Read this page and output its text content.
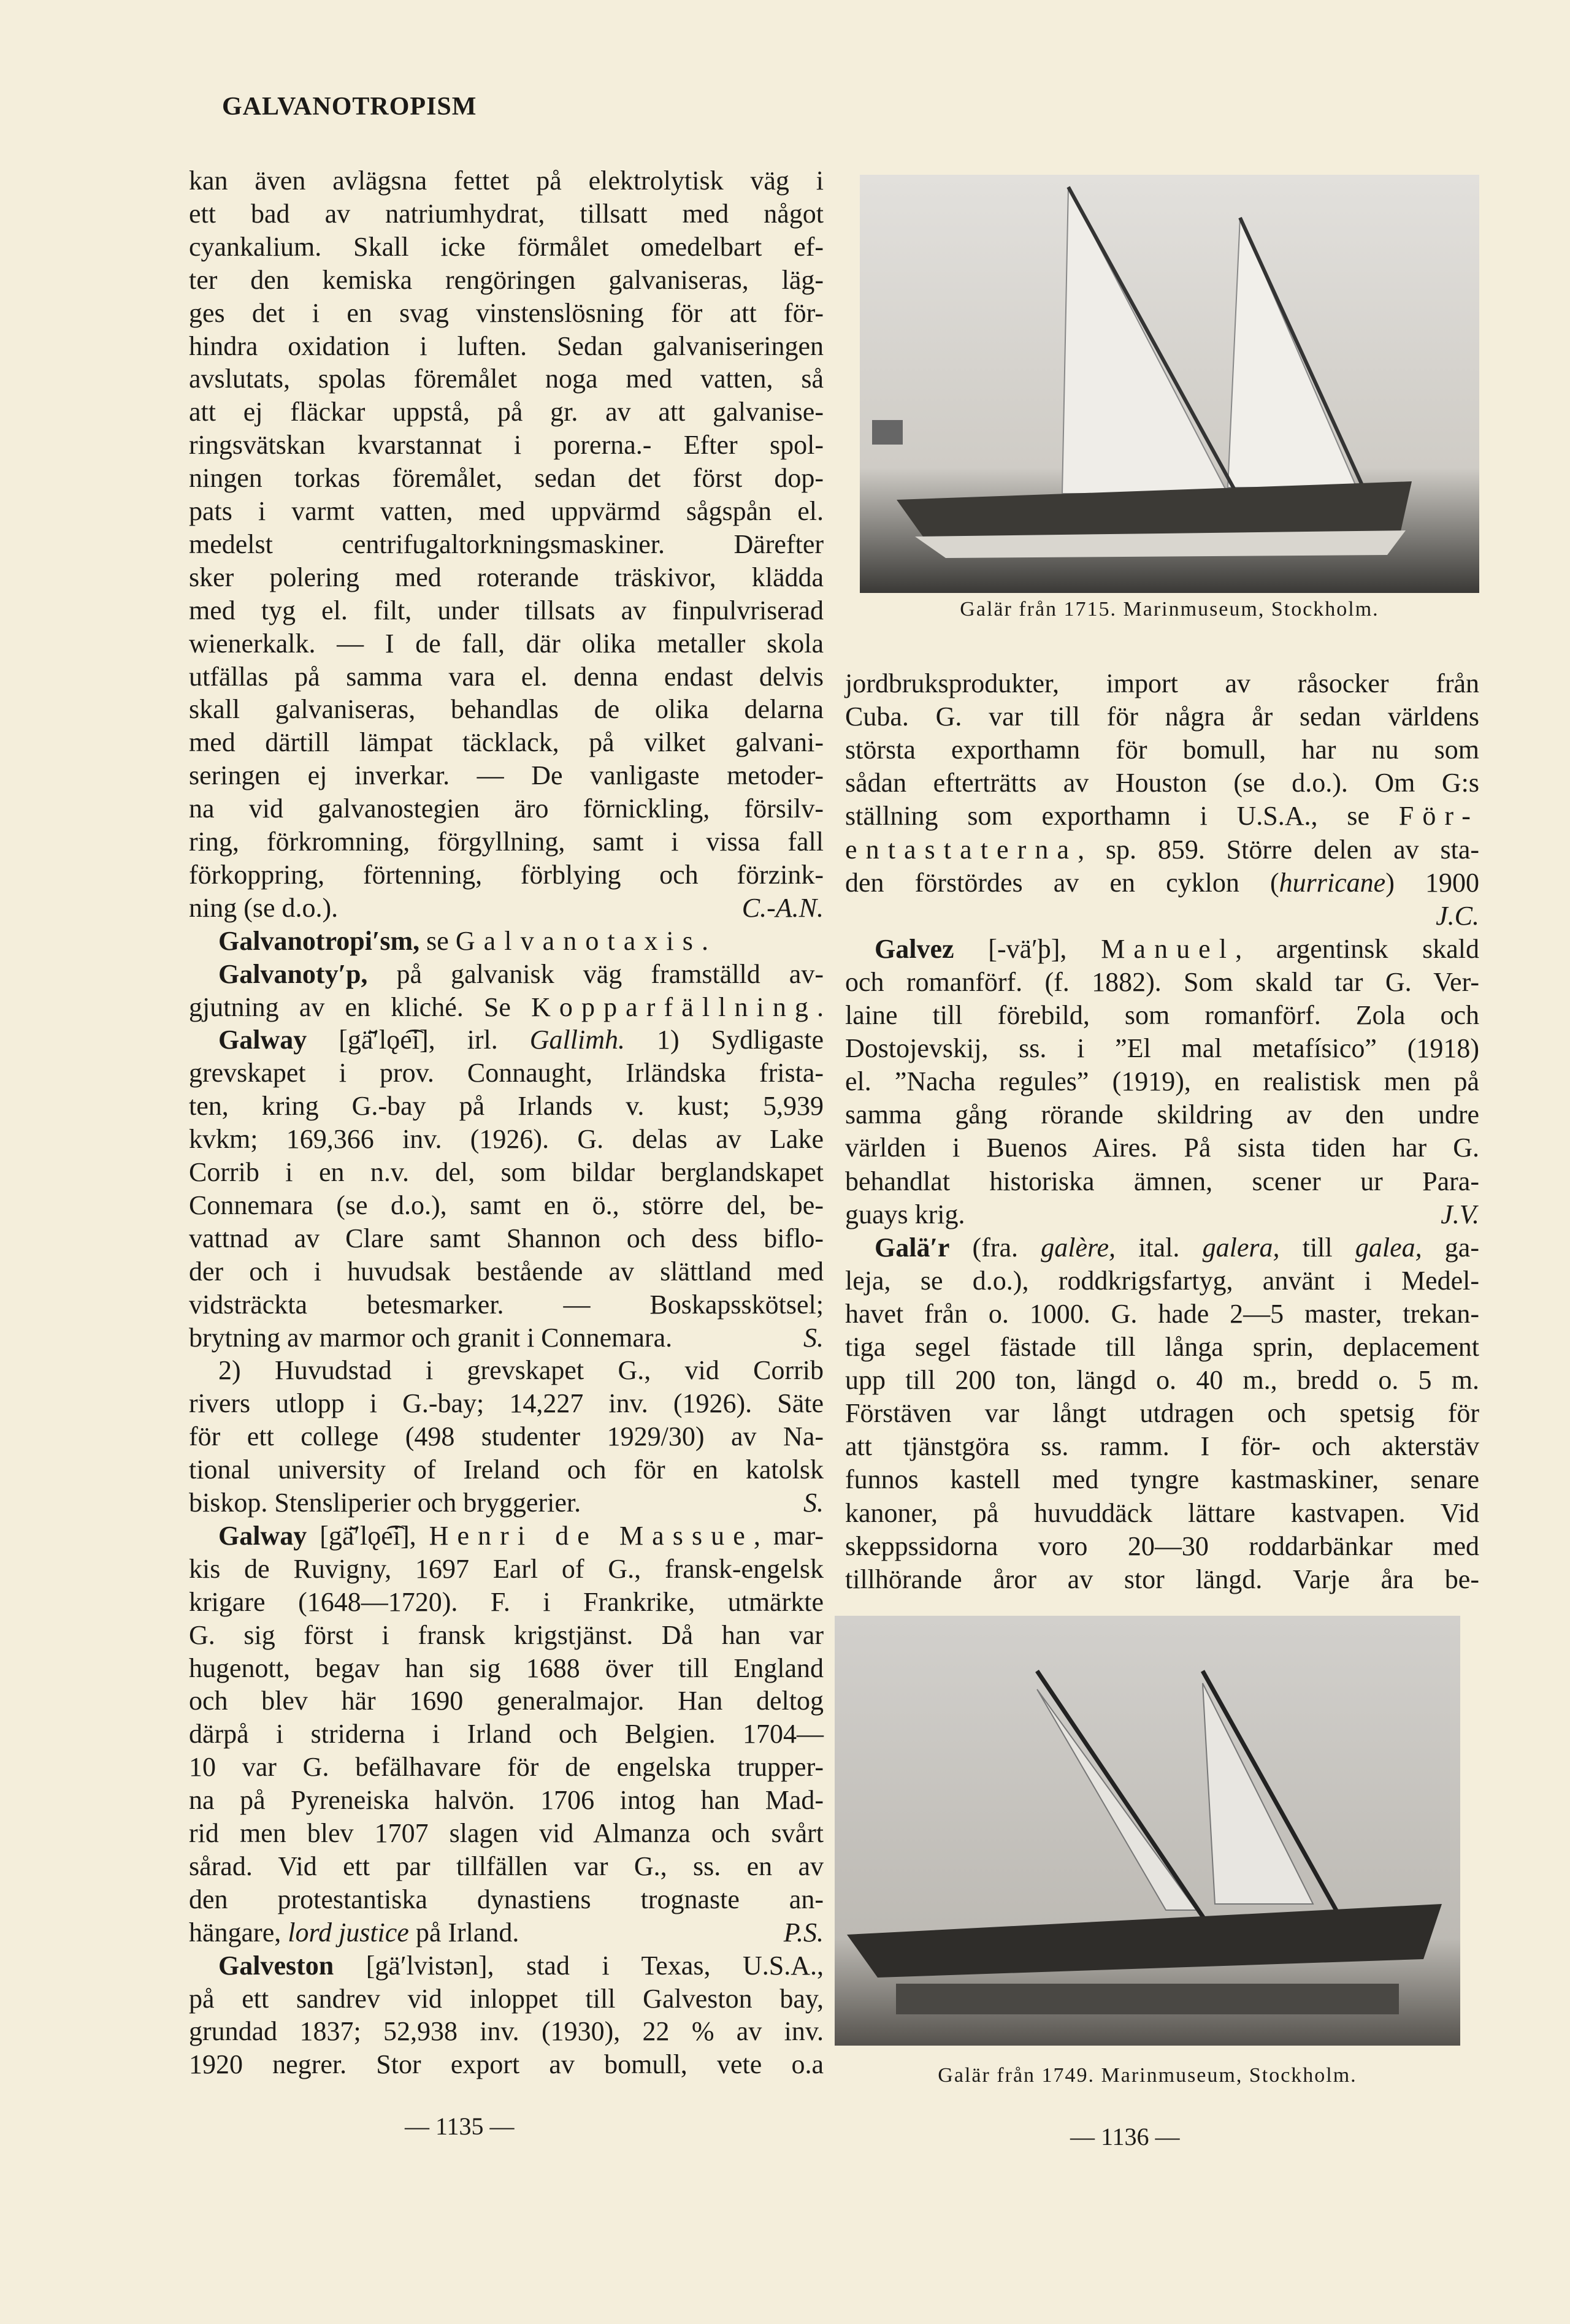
GALVANOTROPISM
kan även avlägsna fettet på elektrolytisk väg i
ett bad av natriumhydrat, tillsatt med något
cyankalium. Skall icke förmålet omedelbart ef-
ter den kemiska rengöringen galvaniseras, läg-
ges det i en svag vinstenslösning för att för-
hindra oxidation i luften. Sedan galvaniseringen
avslutats, spolas föremålet noga med vatten, så
att ej fläckar uppstå, på gr. av att galvanise-
ringsvätskan kvarstannat i porerna.- Efter spol-
ningen torkas föremålet, sedan det först dop-
pats i varmt vatten, med uppvärmd sågspån el.
medelst centrifugaltorkningsmaskiner. Därefter
sker polering med roterande träskivor, klädda
med tyg el. filt, under tillsats av finpulvriserad
wienerkalk. — I de fall, där olika metaller skola
utfällas på samma vara el. denna endast delvis
skall galvaniseras, behandlas de olika delarna
med därtill lämpat täcklack, på vilket galvani-
seringen ej inverkar. — De vanligaste metoder-
na vid galvanostegien äro förnickling, försilv-
ring, förkromning, förgyllning, samt i vissa fall
förkoppring, förtenning, förblying och förzink-
ning (se d.o.).	C.-A.N.
Galvanotropi′sm, se Galvanotaxis.
Galvanoty′p, på galvanisk väg framställd av-
gjutning av en kliché. Se Kopparfällning.
Galway [gä̆′lǫe͡i], irl. Gallimh. 1) Sydligaste
grevskapet i prov. Connaught, Irländska frista-
ten, kring G.-bay på Irlands v. kust; 5,939
kvkm; 169,366 inv. (1926). G. delas av Lake
Corrib i en n.v. del, som bildar berglandskapet
Connemara (se d.o.), samt en ö., större del, be-
vattnad av Clare samt Shannon och dess biflo-
der och i huvudsak bestående av slättland med
vidsträckta betesmarker. — Boskapsskötsel;
brytning av marmor och granit i Connemara.	S.
2) Huvudstad i grevskapet G., vid Corrib
rivers utlopp i G.-bay; 14,227 inv. (1926). Säte
för ett college (498 studenter 1929/30) av Na-
tional university of Ireland och för en katolsk
biskop. Stensliperier och bryggerier.	S.
Galway [gä̆′lǫe͡i], Henri de Massue, mar-
kis de Ruvigny, 1697 Earl of G., fransk-engelsk
krigare (1648—1720). F. i Frankrike, utmärkte
G. sig först i fransk krigstjänst. Då han var
hugenott, begav han sig 1688 över till England
och blev här 1690 generalmajor. Han deltog
därpå i striderna i Irland och Belgien. 1704—
10 var G. befälhavare för de engelska trupper-
na på Pyreneiska halvön. 1706 intog han Mad-
rid men blev 1707 slagen vid Almanza och svårt
sårad. Vid ett par tillfällen var G., ss. en av
den protestantiska dynastiens trognaste an-
hängare, lord justice på Irland.	P.S.
Galveston [gä′lvistən], stad i Texas, U.S.A.,
på ett sandrev vid inloppet till Galveston bay,
grundad 1837; 52,938 inv. (1930), 22 % av inv.
1920 negrer. Stor export av bomull, vete o.a
jordbruksprodukter, import av råsocker från
Cuba. G. var till för några år sedan världens
största exporthamn för bomull, har nu som
sådan efterträtts av Houston (se d.o.). Om G:s
ställning som exporthamn i U.S.A., se För-
entastaterna, sp. 859. Större delen av sta-
den förstördes av en cyklon (hurricane) 1900
J.C.
Galvez [-vä′þ], Manuel, argentinsk skald
och romanförf. (f. 1882). Som skald tar G. Ver-
laine till förebild, som romanförf. Zola och
Dostojevskij, ss. i ”El mal metafísico” (1918)
el. ”Nacha regules” (1919), en realistisk men på
samma gång rörande skildring av den undre
världen i Buenos Aires. På sista tiden har G.
behandlat historiska ämnen, scener ur Para-
guays krig.	J.V.
Galä′r (fra. galère, ital. galera, till galea, ga-
leja, se d.o.), roddkrigsfartyg, använt i Medel-
havet från o. 1000. G. hade 2—5 master, trekan-
tiga segel fästade till långa sprin, deplacement
upp till 200 ton, längd o. 40 m., bredd o. 5 m.
Förstäven var långt utdragen och spetsig för
att tjänstgöra ss. ramm. I för- och akterstäv
funnos kastell med tyngre kastmaskiner, senare
kanoner, på huvuddäck lättare kastvapen. Vid
skeppssidorna voro 20—30 roddarbänkar med
tillhörande åror av stor längd. Varje åra be-
Galär från 1715. Marinmuseum, Stockholm.
Galär från 1749. Marinmuseum, Stockholm.
— 1135 —	— 1136 —
